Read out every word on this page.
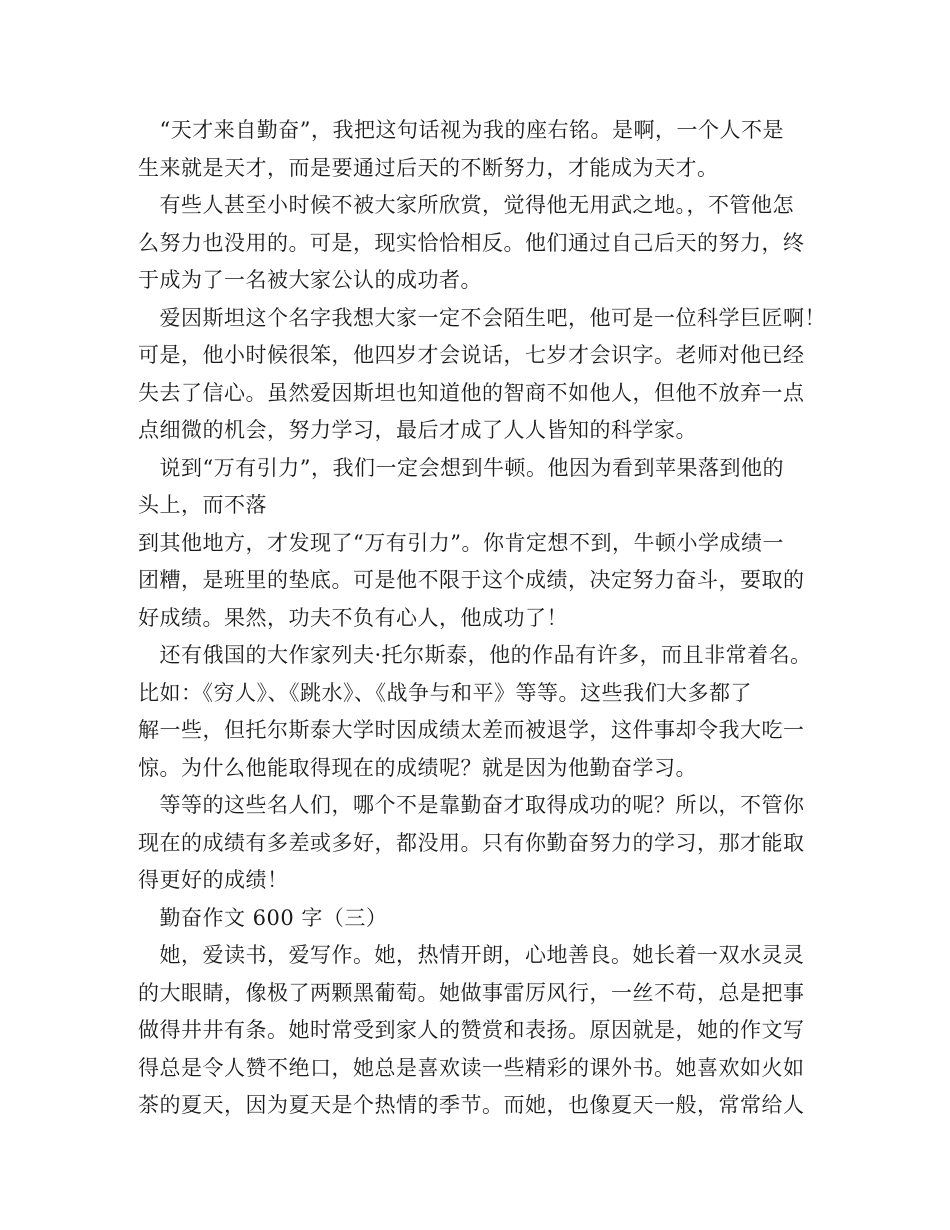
　“天才来自勤奋”，我把这句话视为我的座右铭。是啊，一个人不是
生来就是天才，而是要通过后天的不断努力，才能成为天才。
　有些人甚至小时候不被大家所欣赏，觉得他无用武之地。，不管他怎
么努力也没用的。可是，现实恰恰相反。他们通过自己后天的努力，终
于成为了一名被大家公认的成功者。
　爱因斯坦这个名字我想大家一定不会陌生吧，他可是一位科学巨匠啊！
可是，他小时候很笨，他四岁才会说话，七岁才会识字。老师对他已经
失去了信心。虽然爱因斯坦也知道他的智商不如他人，但他不放弃一点
点细微的机会，努力学习，最后才成了人人皆知的科学家。
　说到“万有引力”，我们一定会想到牛顿。他因为看到苹果落到他的
头上，而不落
到其他地方，才发现了“万有引力”。你肯定想不到，牛顿小学成绩一
团糟，是班里的垫底。可是他不限于这个成绩，决定努力奋斗，要取的
好成绩。果然，功夫不负有心人，他成功了！
　还有俄国的大作家列夫·托尔斯泰，他的作品有许多，而且非常着名。
比如：《穷人》、《跳水》、《战争与和平》等等。这些我们大多都了
解一些，但托尔斯泰大学时因成绩太差而被退学，这件事却令我大吃一
惊。为什么他能取得现在的成绩呢？就是因为他勤奋学习。
　等等的这些名人们，哪个不是靠勤奋才取得成功的呢？所以，不管你
现在的成绩有多差或多好，都没用。只有你勤奋努力的学习，那才能取
得更好的成绩！
　勤奋作文 600 字（三）
　她，爱读书，爱写作。她，热情开朗，心地善良。她长着一双水灵灵
的大眼睛，像极了两颗黑葡萄。她做事雷厉风行，一丝不苟，总是把事
做得井井有条。她时常受到家人的赞赏和表扬。原因就是，她的作文写
得总是令人赞不绝口，她总是喜欢读一些精彩的课外书。她喜欢如火如
茶的夏天，因为夏天是个热情的季节。而她，也像夏天一般，常常给人
